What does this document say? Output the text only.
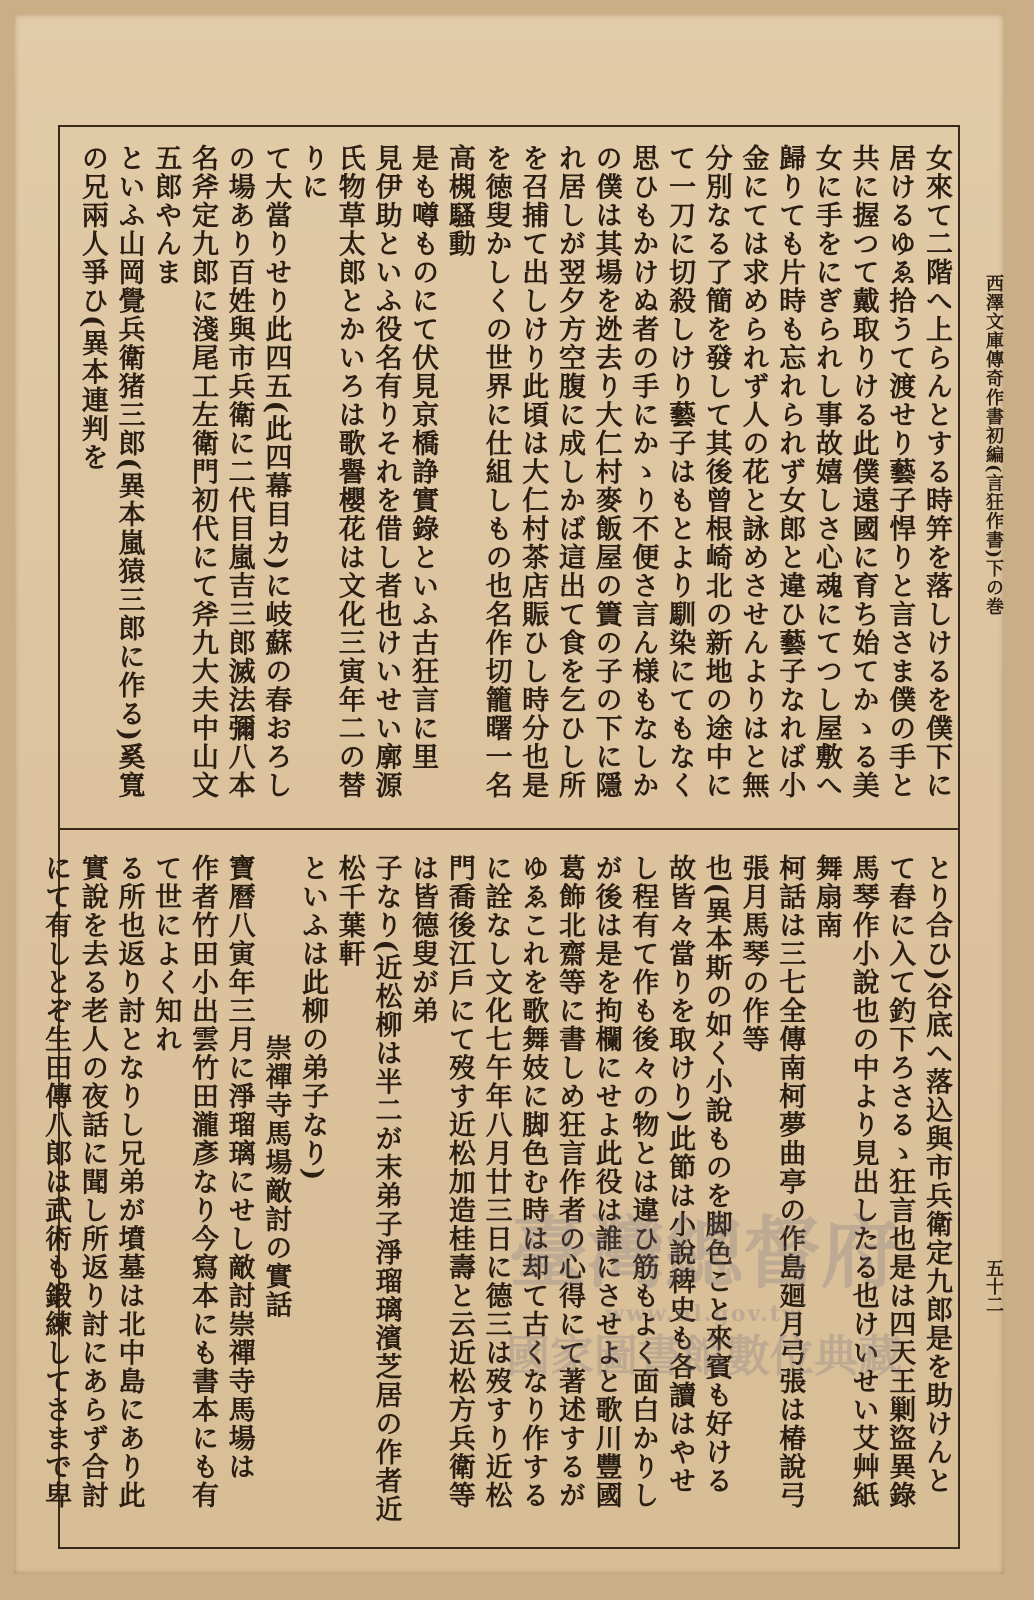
西澤文庫傳奇作書初編(言狂作書)下の巻
五十二
女來て二階へ上らんとする時笄を落しけるを僕下に
居けるゆゑ拾うて渡せり藝子悍りと言さま僕の手と
共に握つて戴取りける此僕遠國に育ち始てかゝる美
女に手をにぎられし事故嬉しさ心魂にてつし屋敷へ
歸りても片時も忘れられず女郎と違ひ藝子なれば小
金にては求められず人の花と詠めさせんよりはと無
分別なる了簡を發して其後曾根崎北の新地の途中に
て一刀に切殺しけり藝子はもとより馴染にてもなく
思ひもかけぬ者の手にかゝり不便さ言ん様もなしか
の僕は其場を迯去り大仁村麥飯屋の簀の子の下に隱
れ居しが翌夕方空腹に成しかば這出て食を乞ひし所
を召捕て出しけり此頃は大仁村茶店賑ひし時分也是
を徳叟かしくの世界に仕組しもの也名作切籠曙一名高槻騷動
是も噂ものにて伏見京橋諍實錄といふ古狂言に里
見伊助といふ役名有りそれを借し者也けいせい廓源
氏物草太郎とかいろは歌譽櫻花は文化三寅年二の替りに
て大當りせり此四五(此四幕目カ)に岐蘇の春おろし
の場あり百姓與市兵衛に二代目嵐吉三郎滅法彌八本
名斧定九郎に淺尾工左衛門初代にて斧九大夫中山文五郎やんま
といふ山岡覺兵衛猪三郎(異本嵐猿三郎に作る)奚寬の兄兩人爭ひ(異本連判を
とり合ひ)谷底へ落込與市兵衛定九郎是を助けんと
て舂に入て釣下ろさるゝ狂言也是は四天王剿盜異錄
馬琴作小說也の中より見出したる也けいせい艾艸紙舞扇南
柯話は三七全傳南柯夢曲亭の作島廻月弓張は椿說弓張月馬琴の作等
也(異本斯の如く小說ものを脚色こと來賓も好ける
故皆々當りを取けり)此節は小說稗史も各讀はやせ
し程有て作も後々の物とは違ひ筋もよく面白かりし
が後は是を拘欄にせよ此役は誰にさせよと歌川豐國
葛飾北齋等に書しめ狂言作者の心得にて著述するが
ゆゑこれを歌舞妓に脚色む時は却て古くなり作する
に詮なし文化七午年八月廿三日に德三は歿すり近松
門喬後江戶にて歿す近松加造桂壽と云近松方兵衛等は皆德叟が弟
子なり(近松柳は半二が末弟子淨瑠璃濱芝居の作者近松千葉軒
といふは此柳の弟子なり)
崇禪寺馬場敵討の實話
寶曆八寅年三月に淨瑠璃にせし敵討崇禪寺馬場は
作者竹田小出雲竹田瀧彥なり今寫本にも書本にも有て世によく知れ
る所也返り討となりし兄弟が墳墓は北中島にあり此
實說を去る老人の夜話に聞し所返り討にあらず合討
にて有しとぞ生田傳八郎は武術も鍛練してさまで卑	臺灣總督府
www.nl.gov.tw
國家圖書館數位典藏
